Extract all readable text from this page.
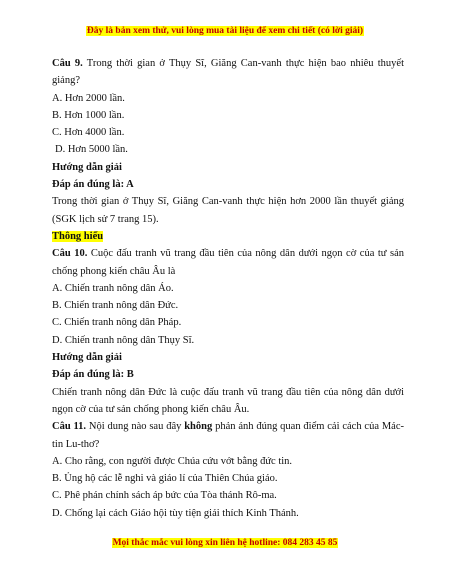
Đây là bản xem thử, vui lòng mua tài liệu để xem chi tiết (có lời giải)

Câu 9. Trong thời gian ở Thụy Sĩ, Giăng Can-vanh thực hiện bao nhiêu thuyết giảng?

A. Hơn 2000 lần.

B. Hơn 1000 lần.

C. Hơn 4000 lần.

D. Hơn 5000 lần.

Hướng dẫn giải

Đáp án đúng là: A

Trong thời gian ở Thụy Sĩ, Giăng Can-vanh thực hiện hơn 2000 lần thuyết giảng (SGK lịch sử 7 trang 15).

Thông hiểu

Câu 10. Cuộc đấu tranh vũ trang đầu tiên của nông dân dưới ngọn cờ của tư sản chống phong kiến châu Âu là

A. Chiến tranh nông dân Áo.

B. Chiến tranh nông dân Đức.

C. Chiến tranh nông dân Pháp.

D. Chiến tranh nông dân Thụy Sĩ.

Hướng dẫn giải

Đáp án đúng là: B

Chiến tranh nông dân Đức là cuộc đấu tranh vũ trang đầu tiên của nông dân dưới ngọn cờ của tư sản chống phong kiến châu Âu.

Câu 11. Nội dung nào sau đây không phản ánh đúng quan điểm cải cách của Mác-tin Lu-thơ?

A. Cho rằng, con người được Chúa cứu vớt bằng đức tin.

B. Ủng hộ các lễ nghi và giáo lí của Thiên Chúa giáo.

C. Phê phán chính sách áp bức của Tòa thánh Rô-ma.

D. Chống lại cách Giáo hội tùy tiện giải thích Kinh Thánh.

Mọi thắc mắc vui lòng xin liên hệ hotline: 084 283 45 85
